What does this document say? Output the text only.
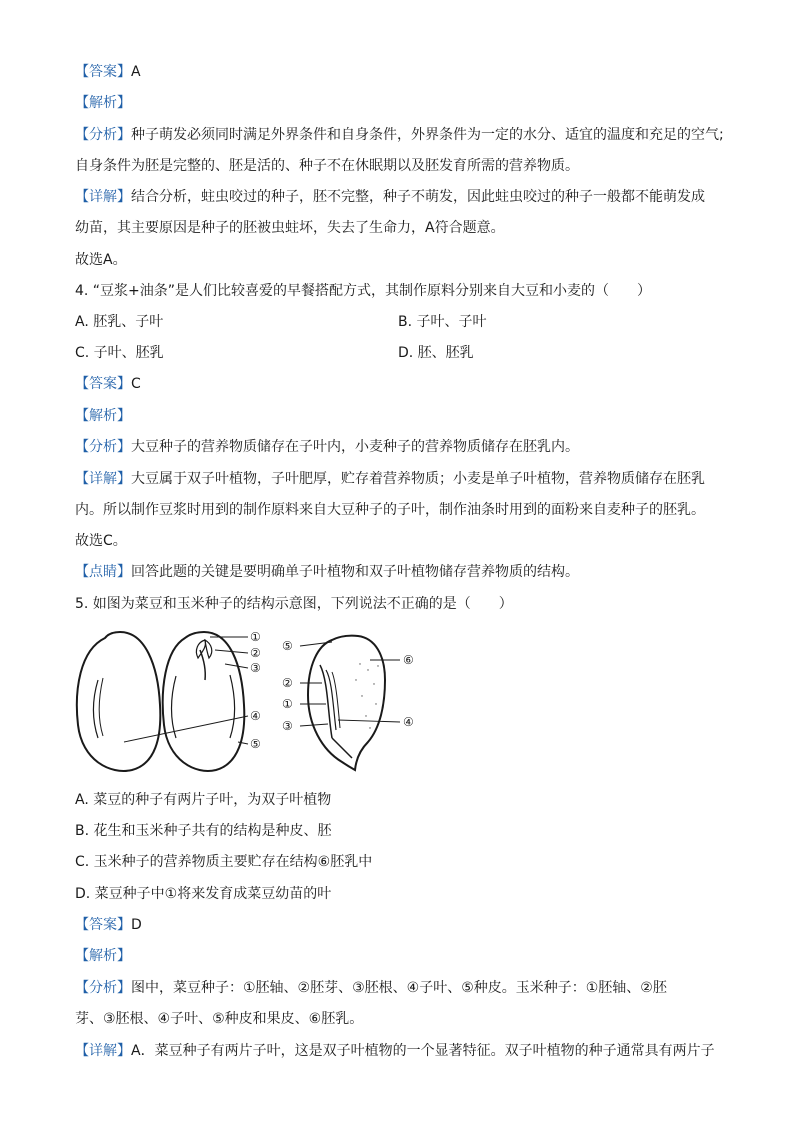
【答案】A
【解析】
【分析】种子萌发必须同时满足外界条件和自身条件，外界条件为一定的水分、适宜的温度和充足的空气;
自身条件为胚是完整的、胚是活的、种子不在休眠期以及胚发育所需的营养物质。
【详解】结合分析，蛀虫咬过的种子，胚不完整，种子不萌发，因此蛀虫咬过的种子一般都不能萌发成
幼苗，其主要原因是种子的胚被虫蛀坏，失去了生命力，A符合题意。
故选A。
4. “豆浆+油条”是人们比较喜爱的早餐搭配方式，其制作原料分别来自大豆和小麦的（　　）
A. 胚乳、子叶	B. 子叶、子叶
C. 子叶、胚乳	D. 胚、胚乳
【答案】C
【解析】
【分析】大豆种子的营养物质储存在子叶内，小麦种子的营养物质储存在胚乳内。
【详解】大豆属于双子叶植物，子叶肥厚，贮存着营养物质；小麦是单子叶植物，营养物质储存在胚乳
内。所以制作豆浆时用到的制作原料来自大豆种子的子叶，制作油条时用到的面粉来自麦种子的胚乳。
故选C。
【点睛】回答此题的关键是要明确单子叶植物和双子叶植物储存营养物质的结构。
5. 如图为菜豆和玉米种子的结构示意图，下列说法不正确的是（　　）
①
②
③
④
⑤
⑤
⑥
②
①
③	④
A. 菜豆的种子有两片子叶，为双子叶植物
B. 花生和玉米种子共有的结构是种皮、胚
C. 玉米种子的营养物质主要贮存在结构⑥胚乳中
D. 菜豆种子中①将来发育成菜豆幼苗的叶
【答案】D
【解析】
【分析】图中，菜豆种子：①胚轴、②胚芽、③胚根、④子叶、⑤种皮。玉米种子：①胚轴、②胚
芽、③胚根、④子叶、⑤种皮和果皮、⑥胚乳。
【详解】A．菜豆种子有两片子叶，这是双子叶植物的一个显著特征。双子叶植物的种子通常具有两片子
